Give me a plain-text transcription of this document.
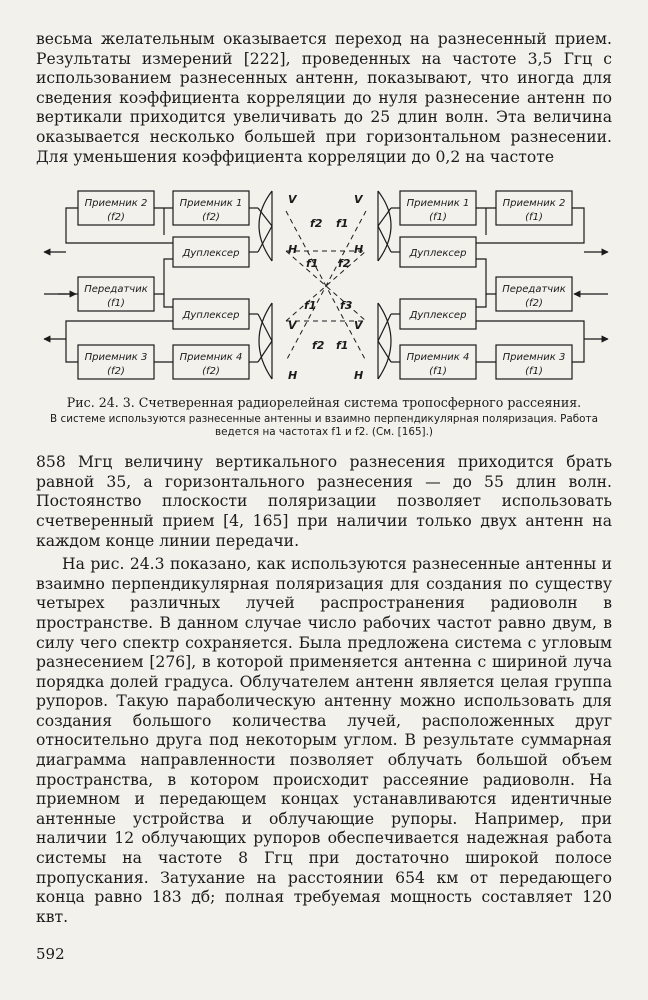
весьма желательным оказывается переход на разнесенный прием. Результаты измерений [222], проведенных на частоте 3,5 Ггц с использованием разнесенных антенн, показывают, что иногда для сведения коэффициента корреляции до нуля разнесение антенн по вертикали приходится увеличивать до 25 длин волн. Эта величина оказывается несколько большей при горизонтальном разнесении. Для уменьшения коэффициента корреляции до 0,2 на частоте

Приемник 2
(f2)
Приемник 1
(f2)
Дуплексер
Передатчик
(f1)
Дуплексер
Приемник 3
(f2)
Приемник 4
(f2)
Приемник 1
(f1)
Приемник 2
(f1)
Дуплексер
Передатчик
(f2)
Дуплексер
Приемник 4
(f1)
Приемник 3
(f1)
V
H
V
H
V
H
V
H
f2 f1
f1 f2
f1 f3
f2 f1

Рис. 24. 3. Счетверенная радиорелейная система тропосферного рассеяния.

В системе используются разнесенные антенны и взаимно перпендикулярная поляризация. Работа ведется на частотах f1 и f2. (См. [165].)

858 Мгц величину вертикального разнесения приходится брать равной 35, а горизонтального разнесения — до 55 длин волн. Постоянство плоскости поляризации позволяет использовать счетверенный прием [4, 165] при наличии только двух антенн на каждом конце линии передачи.

На рис. 24.3 показано, как используются разнесенные антенны и взаимно перпендикулярная поляризация для создания по существу четырех различных лучей распространения радиоволн в пространстве. В данном случае число рабочих частот равно двум, в силу чего спектр сохраняется. Была предложена система с угловым разнесением [276], в которой применяется антенна с шириной луча порядка долей градуса. Облучателем антенн является целая группа рупоров. Такую параболическую антенну можно использовать для создания большого количества лучей, расположенных друг относительно друга под некоторым углом. В результате суммарная диаграмма направленности позволяет облучать большой объем пространства, в котором происходит рассеяние радиоволн. На приемном и передающем концах устанавливаются идентичные антенные устройства и облучающие рупоры. Например, при наличии 12 облучающих рупоров обеспечивается надежная работа системы на частоте 8 Ггц при достаточно широкой полосе пропускания. Затухание на расстоянии 654 км от передающего конца равно 183 дб; полная требуемая мощность составляет 120 квт.

592
